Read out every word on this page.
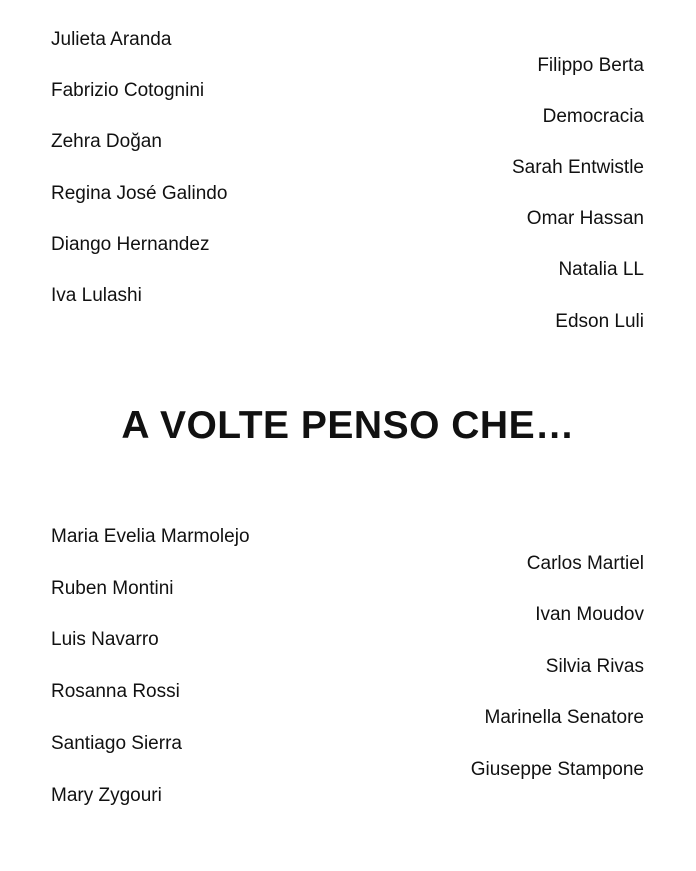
Julieta Aranda
Fabrizio Cotognini
Zehra Doğan
Regina José Galindo
Diango Hernandez
Iva Lulashi
Filippo Berta
Democracia
Sarah Entwistle
Omar Hassan
Natalia LL
Edson Luli
A VOLTE PENSO CHE…
Maria Evelia Marmolejo
Ruben Montini
Luis Navarro
Rosanna Rossi
Santiago Sierra
Mary Zygouri
Carlos Martiel
Ivan Moudov
Silvia Rivas
Marinella Senatore
Giuseppe Stampone
